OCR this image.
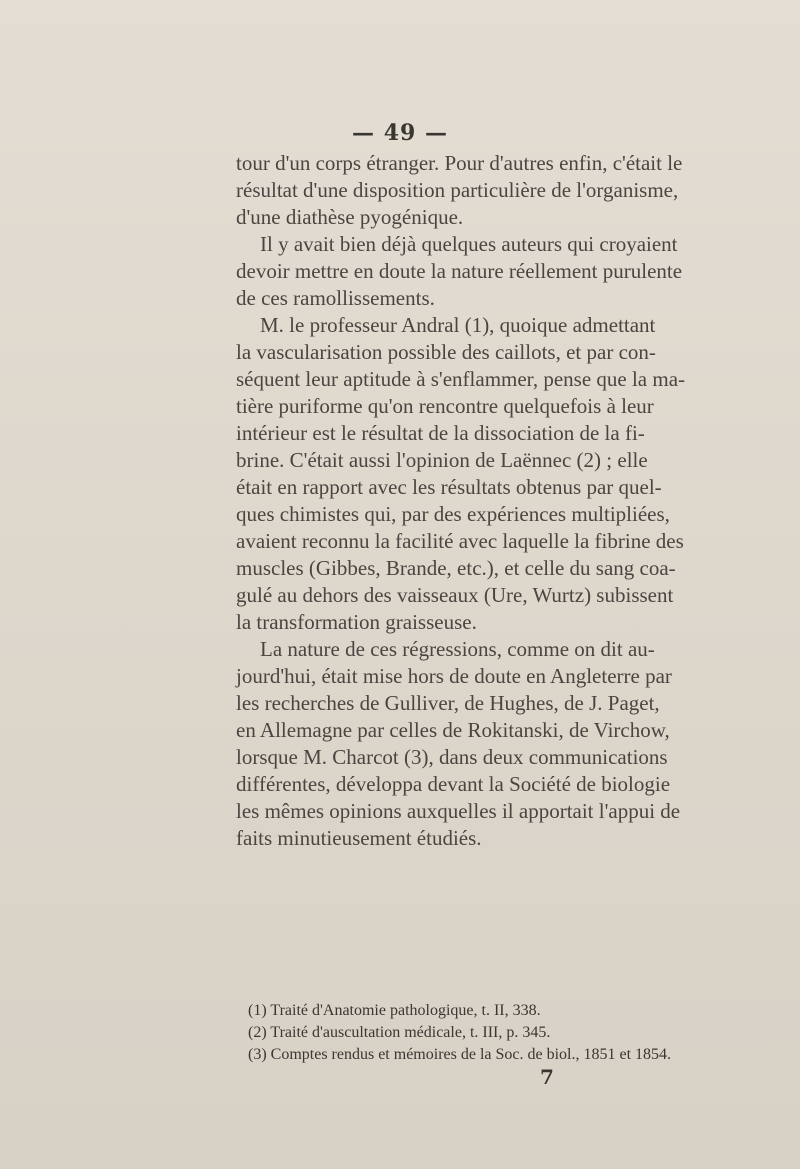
— 49 —
tour d'un corps étranger. Pour d'autres enfin, c'était le
résultat d'une disposition particulière de l'organisme,
d'une diathèse pyogénique.
Il y avait bien déjà quelques auteurs qui croyaient
devoir mettre en doute la nature réellement purulente
de ces ramollissements.
M. le professeur Andral (1), quoique admettant
la vascularisation possible des caillots, et par con-
séquent leur aptitude à s'enflammer, pense que la ma-
tière puriforme qu'on rencontre quelquefois à leur
intérieur est le résultat de la dissociation de la fi-
brine. C'était aussi l'opinion de Laënnec (2) ; elle
était en rapport avec les résultats obtenus par quel-
ques chimistes qui, par des expériences multipliées,
avaient reconnu la facilité avec laquelle la fibrine des
muscles (Gibbes, Brande, etc.), et celle du sang coa-
gulé au dehors des vaisseaux (Ure, Wurtz) subissent
la transformation graisseuse.
La nature de ces régressions, comme on dit au-
jourd'hui, était mise hors de doute en Angleterre par
les recherches de Gulliver, de Hughes, de J. Paget,
en Allemagne par celles de Rokitanski, de Virchow,
lorsque M. Charcot (3), dans deux communications
différentes, développa devant la Société de biologie
les mêmes opinions auxquelles il apportait l'appui de
faits minutieusement étudiés.
(1) Traité d'Anatomie pathologique, t. II, 338.
(2) Traité d'auscultation médicale, t. III, p. 345.
(3) Comptes rendus et mémoires de la Soc. de biol., 1851 et 1854.
7
